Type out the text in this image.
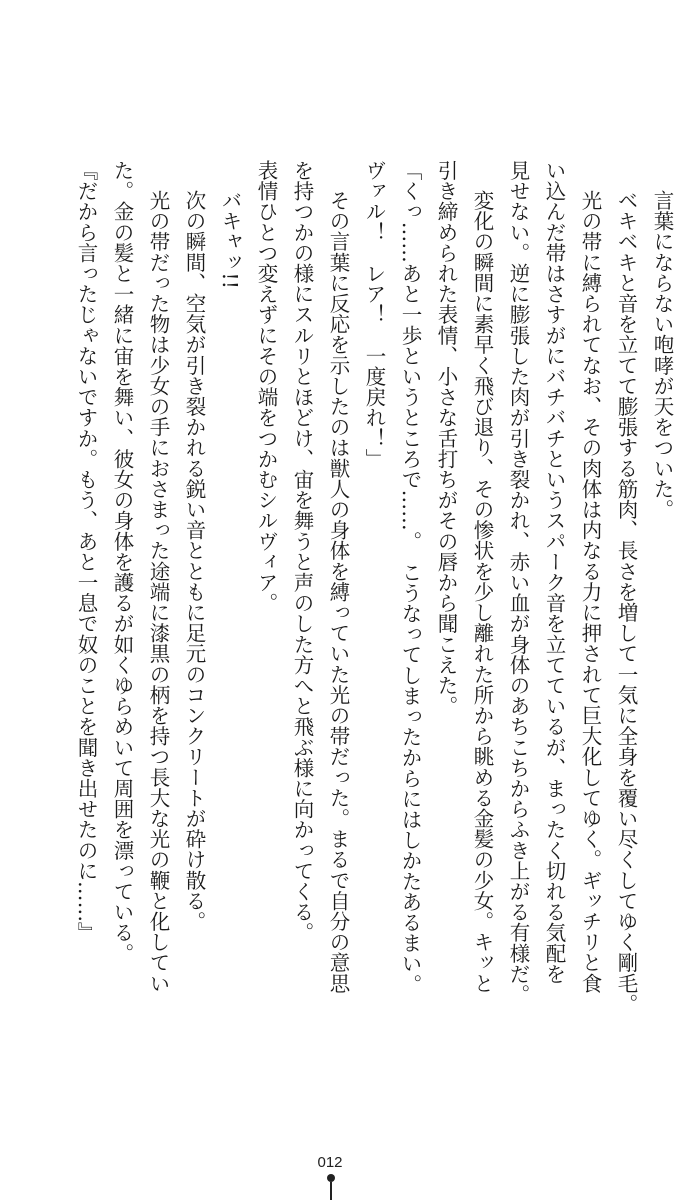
言葉にならない咆哮が天をついた。
ベキベキと音を立てて膨張する筋肉、長さを増して一気に全身を覆い尽くしてゆく剛毛。
光の帯に縛られてなお、その肉体は内なる力に押されて巨大化してゆく。ギッチリと食
い込んだ帯はさすがにバチバチというスパーク音を立てているが、まったく切れる気配を
見せない。逆に膨張した肉が引き裂かれ、赤い血が身体のあちこちからふき上がる有様だ。
変化の瞬間に素早く飛び退り、その惨状を少し離れた所から眺める金髪の少女。キッと
引き締められた表情、小さな舌打ちがその唇から聞こえた。
「くっ……あと一歩というところで……。　こうなってしまったからにはしかたあるまい。
ヴァル！　レア！　一度戻れ！」
その言葉に反応を示したのは獣人の身体を縛っていた光の帯だった。まるで自分の意思
を持つかの様にスルリとほどけ、宙を舞うと声のした方へと飛ぶ様に向かってくる。
表情ひとつ変えずにその端をつかむシルヴィア。
バキャッ!!
次の瞬間、空気が引き裂かれる鋭い音とともに足元のコンクリートが砕け散る。
光の帯だった物は少女の手におさまった途端に漆黒の柄を持つ長大な光の鞭と化してい
た。金の髪と一緒に宙を舞い、彼女の身体を護るが如くゆらめいて周囲を漂っている。
『だから言ったじゃないですか。もう、あと一息で奴のことを聞き出せたのに……』
012
